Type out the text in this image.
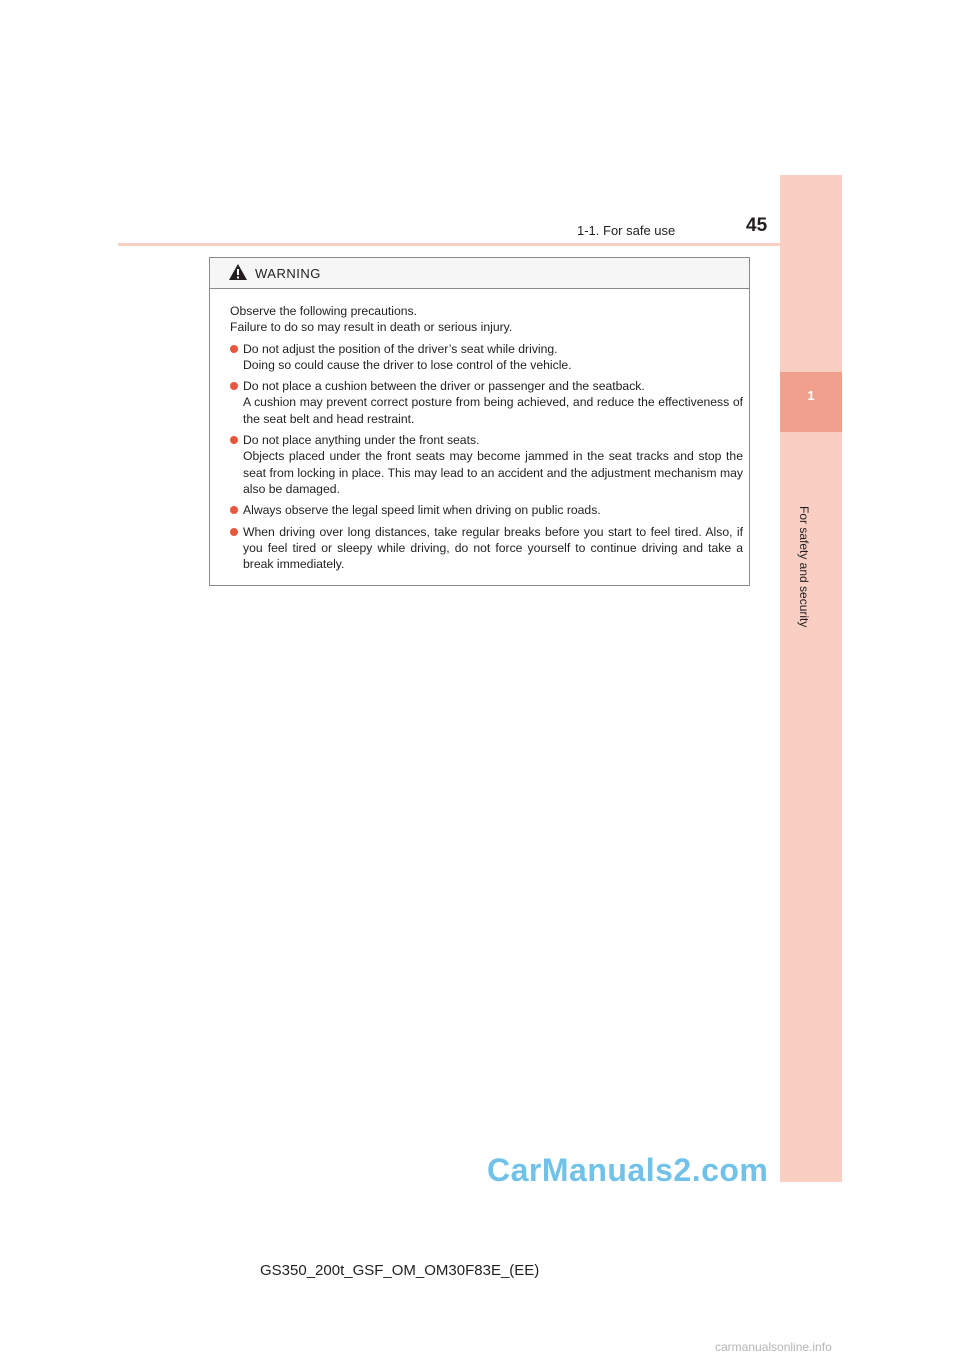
1
For safety and security
1-1. For safe use	45
WARNING

Observe the following precautions.
Failure to do so may result in death or serious injury.

Do not adjust the position of the driver’s seat while driving.
Doing so could cause the driver to lose control of the vehicle.
Do not place a cushion between the driver or passenger and the seatback.
A cushion may prevent correct posture from being achieved, and reduce the effectiveness of the seat belt and head restraint.
Do not place anything under the front seats.
Objects placed under the front seats may become jammed in the seat tracks and stop the seat from locking in place. This may lead to an accident and the adjustment mechanism may also be damaged.
Always observe the legal speed limit when driving on public roads.
When driving over long distances, take regular breaks before you start to feel tired. Also, if you feel tired or sleepy while driving, do not force yourself to continue driving and take a break immediately.
CarManuals2.com
GS350_200t_GSF_OM_OM30F83E_(EE)
carmanualsonline.info
